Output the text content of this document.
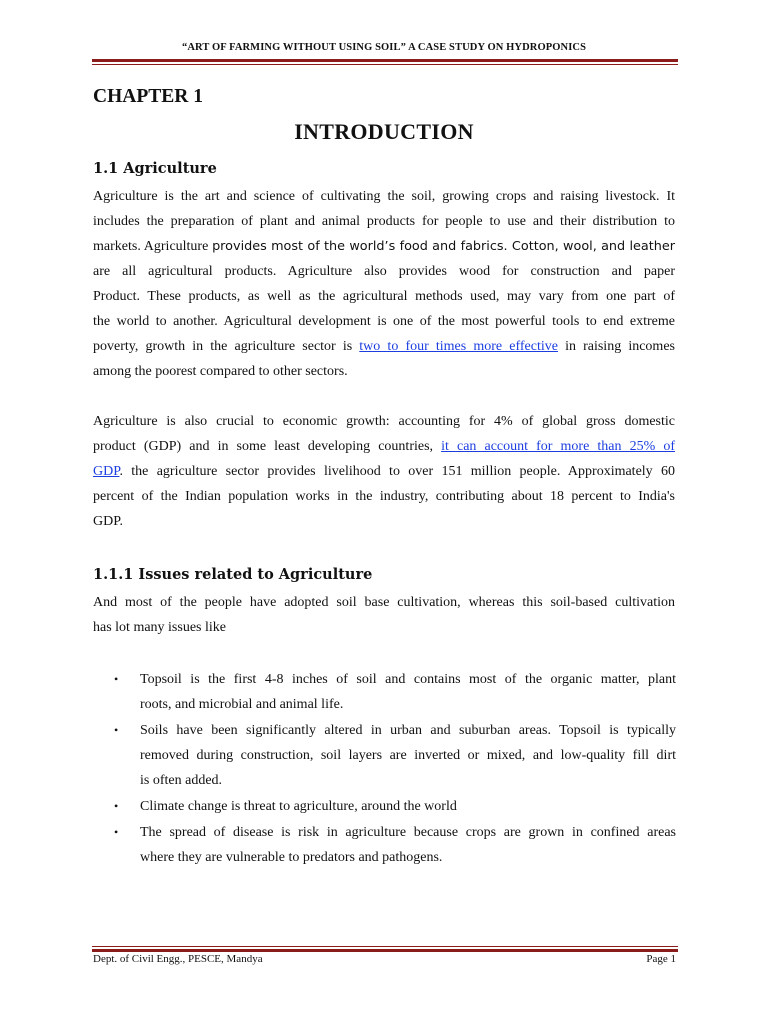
“ART OF FARMING WITHOUT USING SOIL” A CASE STUDY ON HYDROPONICS
CHAPTER 1
INTRODUCTION
1.1 Agriculture
Agriculture is the art and science of cultivating the soil, growing crops and raising livestock. It
includes the preparation of plant and animal products for people to use and their distribution to
markets. Agriculture provides most of the world’s food and fabrics. Cotton, wool, and leather
are all agricultural products. Agriculture also provides wood for construction and paper
Product. These products, as well as the agricultural methods used, may vary from one part of
the world to another. Agricultural development is one of the most powerful tools to end extreme
poverty, growth in the agriculture sector is two to four times more effective in raising incomes
among the poorest compared to other sectors.
Agriculture is also crucial to economic growth: accounting for 4% of global gross domestic
product (GDP) and in some least developing countries, it can account for more than 25% of
GDP. the agriculture sector provides livelihood to over 151 million people. Approximately 60
percent of the Indian population works in the industry, contributing about 18 percent to India's
GDP.
1.1.1 Issues related to Agriculture
And most of the people have adopted soil base cultivation, whereas this soil-based cultivation
has lot many issues like
• Topsoil is the first 4-8 inches of soil and contains most of the organic matter, plant
roots, and microbial and animal life.
• Soils have been significantly altered in urban and suburban areas. Topsoil is typically
removed during construction, soil layers are inverted or mixed, and low-quality fill dirt
is often added.
• Climate change is threat to agriculture, around the world
• The spread of disease is risk in agriculture because crops are grown in confined areas
where they are vulnerable to predators and pathogens.
Dept. of Civil Engg., PESCE, Mandya	Page 1
